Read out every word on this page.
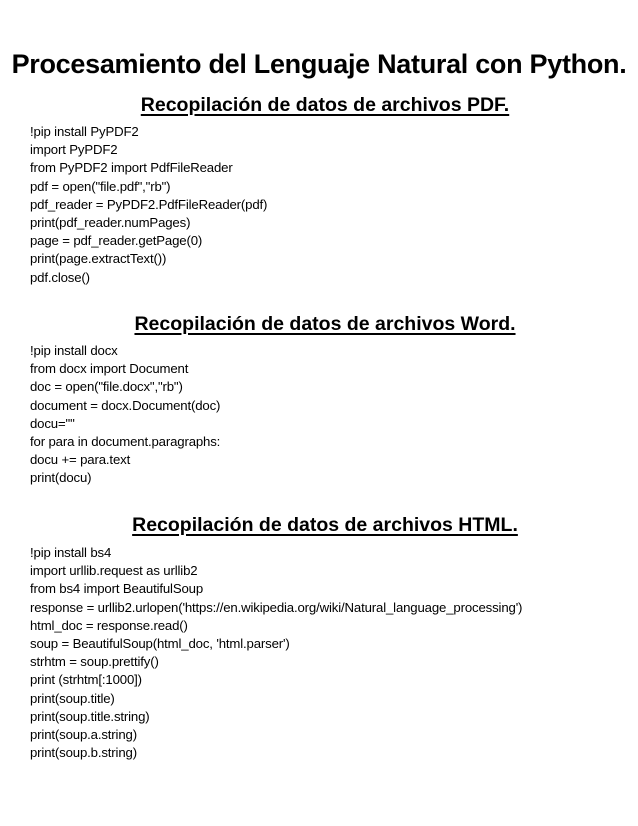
Procesamiento del Lenguaje Natural con Python.
Recopilación de datos de archivos PDF.
!pip install PyPDF2
import PyPDF2
from PyPDF2 import PdfFileReader
pdf = open("file.pdf","rb")
pdf_reader = PyPDF2.PdfFileReader(pdf)
print(pdf_reader.numPages)
page = pdf_reader.getPage(0)
print(page.extractText())
pdf.close()
Recopilación de datos de archivos Word.
!pip install docx
from docx import Document
doc = open("file.docx","rb")
document = docx.Document(doc)
docu=""
for para in document.paragraphs:
docu += para.text
print(docu)
Recopilación de datos de archivos HTML.
!pip install bs4
import urllib.request as urllib2
from bs4 import BeautifulSoup
response = urllib2.urlopen('https://en.wikipedia.org/wiki/Natural_language_processing')
html_doc = response.read()
soup = BeautifulSoup(html_doc, 'html.parser')
strhtm = soup.prettify()
print (strhtm[:1000])
print(soup.title)
print(soup.title.string)
print(soup.a.string)
print(soup.b.string)
